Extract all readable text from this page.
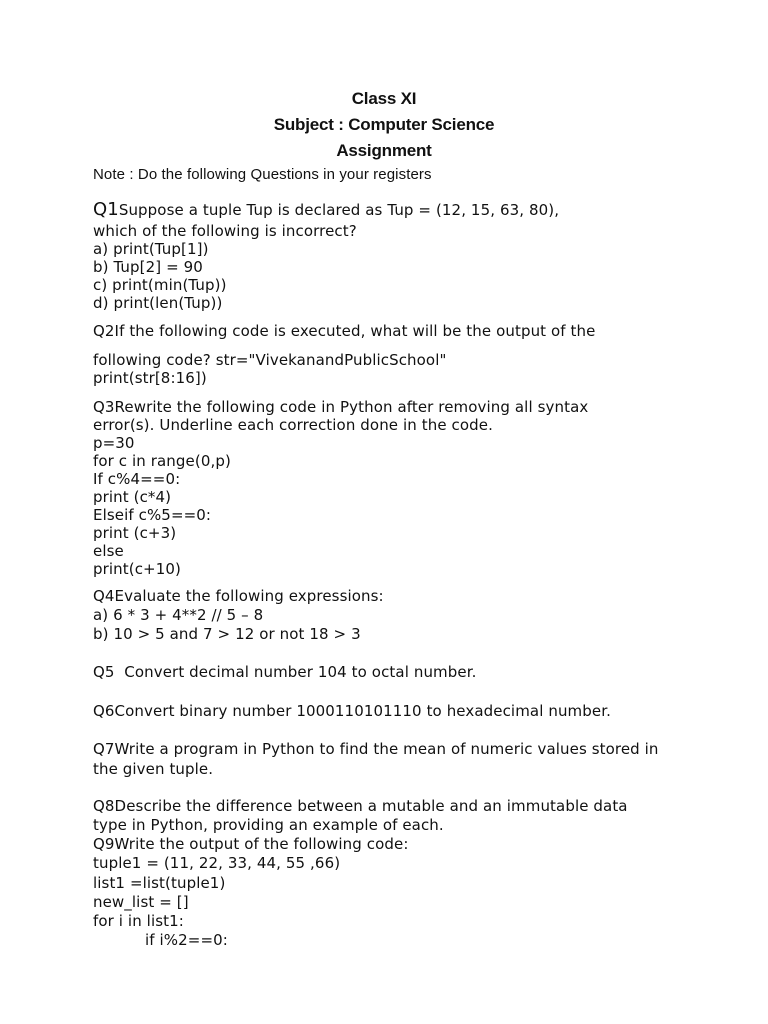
Class XI
Subject : Computer Science
Assignment
Note : Do the following Questions in your registers
Q1Suppose a tuple Tup is declared as Tup = (12, 15, 63, 80),
which of the following is incorrect?
a) print(Tup[1])
b) Tup[2] = 90
c) print(min(Tup))
d) print(len(Tup))
Q2If the following code is executed, what will be the output of the
following code? str="VivekanandPublicSchool"
print(str[8:16])
Q3Rewrite the following code in Python after removing all syntax
error(s). Underline each correction done in the code.
p=30
for c in range(0,p)
If c%4==0:
print (c*4)
Elseif c%5==0:
print (c+3)
else
print(c+10)
Q4Evaluate the following expressions:
a) 6 * 3 + 4**2 // 5 – 8
b) 10 > 5 and 7 > 12 or not 18 > 3
Q5  Convert decimal number 104 to octal number.
Q6Convert binary number 1000110101110 to hexadecimal number.
Q7Write a program in Python to find the mean of numeric values stored in
the given tuple.
Q8Describe the difference between a mutable and an immutable data
type in Python, providing an example of each.
Q9Write the output of the following code:
tuple1 = (11, 22, 33, 44, 55 ,66)
list1 =list(tuple1)
new_list = []
for i in list1:
if i%2==0:
